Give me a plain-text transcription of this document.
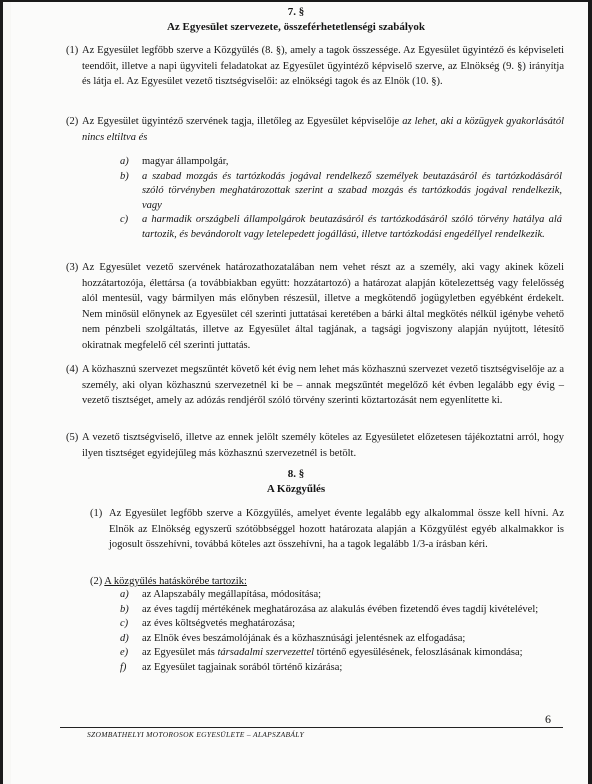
7. §
Az Egyesület szervezete, összeférhetetlenségi szabályok
(1) Az Egyesület legfőbb szerve a Közgyűlés (8. §), amely a tagok összessége. Az Egyesület ügyintéző és képviseleti teendőit, illetve a napi ügyviteli feladatokat az Egyesület ügyintéző képviselő szerve, az Elnökség (9. §) irányítja és látja el. Az Egyesület vezető tisztségviselői: az elnökségi tagok és az Elnök (10. §).
(2) Az Egyesület ügyintéző szervének tagja, illetőleg az Egyesület képviselője az lehet, aki a közügyek gyakorlásától nincs eltiltva és
a) magyar állampolgár,
b) a szabad mozgás és tartózkodás jogával rendelkező személyek beutazásáról és tartózkodásáról szóló törvényben meghatározottak szerint a szabad mozgás és tartózkodás jogával rendelkezik, vagy
c) a harmadik országbeli állampolgárok beutazásáról és tartózkodásáról szóló törvény hatálya alá tartozik, és bevándorolt vagy letelepedett jogállású, illetve tartózkodási engedéllyel rendelkezik.
(3) Az Egyesület vezető szervének határozathozatalában nem vehet részt az a személy, aki vagy akinek közeli hozzátartozója, élettársa (a továbbiakban együtt: hozzátartozó) a határozat alapján kötelezettség vagy felelősség alól mentesül, vagy bármilyen más előnyben részesül, illetve a megkötendő jogügyletben egyébként érdekelt. Nem minősül előnynek az Egyesület cél szerinti juttatásai keretében a bárki által megkötés nélkül igénybe vehető nem pénzbeli szolgáltatás, illetve az Egyesület által tagjának, a tagsági jogviszony alapján nyújtott, létesítő okiratnak megfelelő cél szerinti juttatás.
(4) A közhasznú szervezet megszűntét követő két évig nem lehet más közhasznú szervezet vezető tisztségviselője az a személy, aki olyan közhasznú szervezetnél ki be – annak megszűntét megelőző két évben legalább egy évig – vezető tisztséget, amely az adózás rendjéről szóló törvény szerinti köztartozását nem egyenlítette ki.
(5) A vezető tisztségviselő, illetve az ennek jelölt személy köteles az Egyesületet előzetesen tájékoztatni arról, hogy ilyen tisztséget egyidejűleg más közhasznú szervezetnél is betölt.
8. §
A Közgyűlés
(1) Az Egyesület legfőbb szerve a Közgyűlés, amelyet évente legalább egy alkalommal össze kell hívni. Az Elnök az Elnökség egyszerű szótöbbséggel hozott határozata alapján a Közgyűlést egyéb alkalmakkor is jogosult összehívni, továbbá köteles azt összehívni, ha a tagok legalább 1/3-a írásban kéri.
(2) A közgyűlés hatáskörébe tartozik:
a) az Alapszabály megállapítása, módosítása;
b) az éves tagdíj mértékének meghatározása az alakulás évében fizetendő éves tagdíj kivételével;
c) az éves költségvetés meghatározása;
d) az Elnök éves beszámolójának és a közhasznúsági jelentésnek az elfogadása;
e) az Egyesület más társadalmi szervezettel történő egyesülésének, feloszlásának kimondása;
f) az Egyesület tagjainak sorából történő kizárása;
6
SZOMBATHELYI MOTOROSOK EGYESÜLETE – ALAPSZABÁLY
